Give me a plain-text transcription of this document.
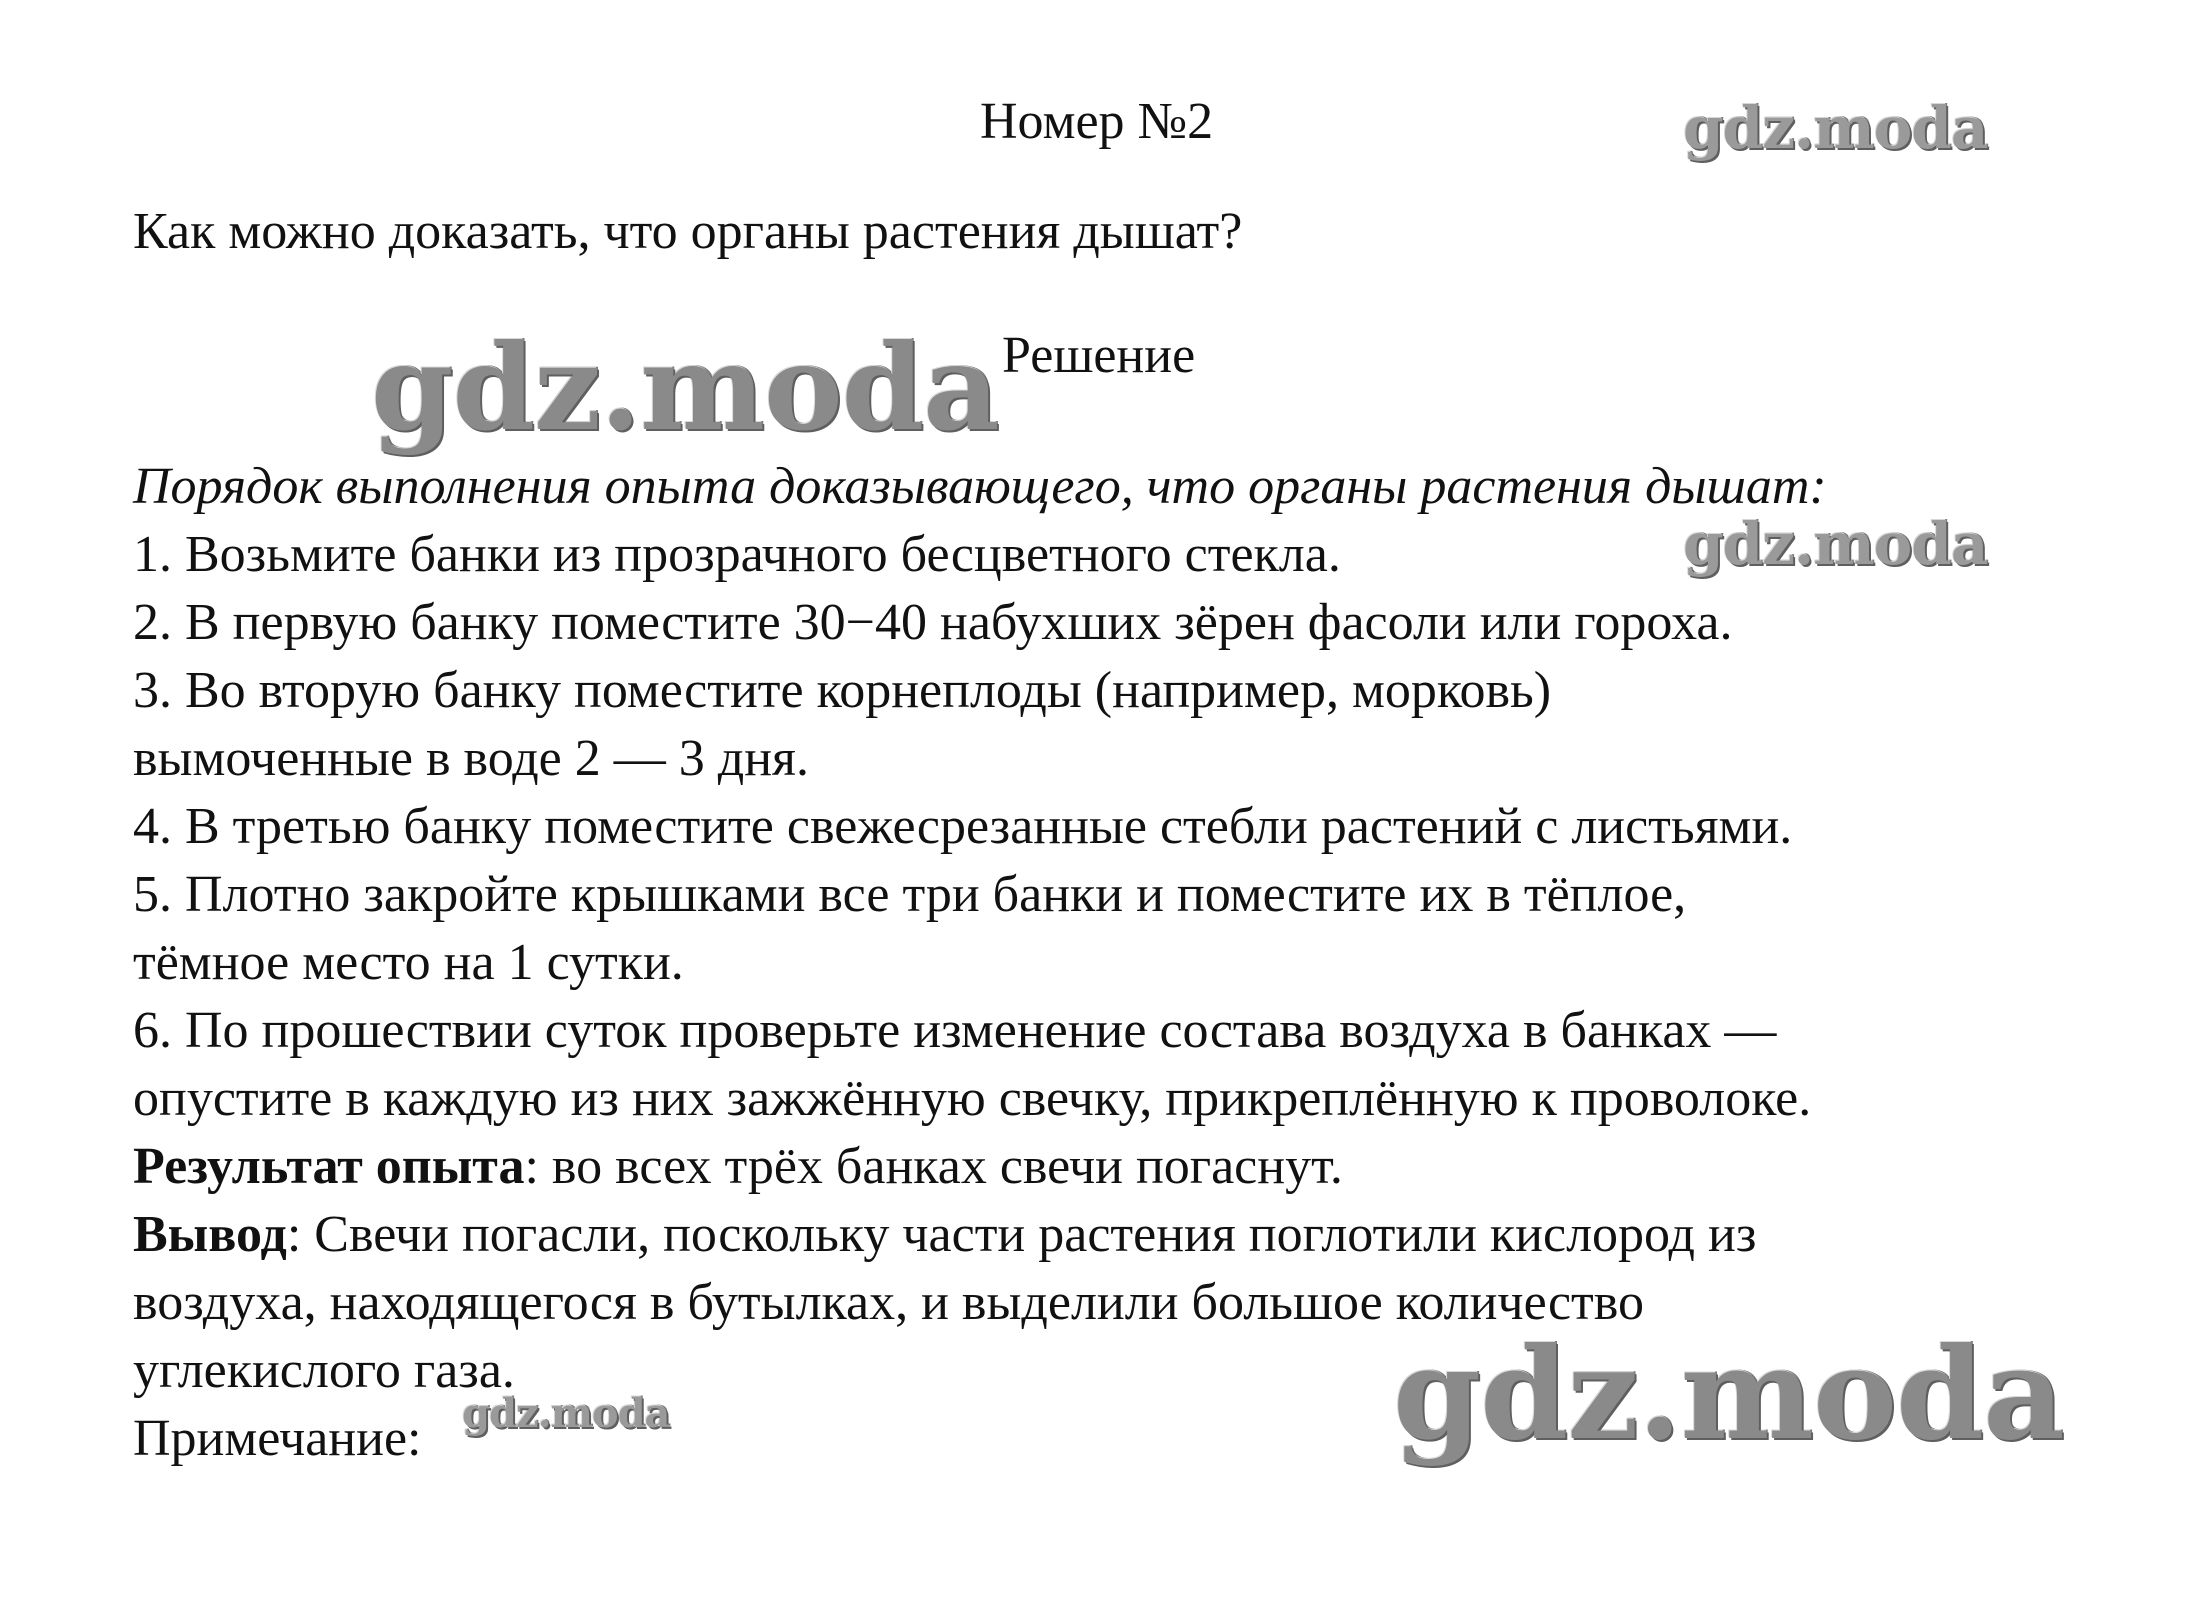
Номер №2
Как можно доказать, что органы растения дышат?
Решение
Порядок выполнения опыта доказывающего, что органы растения дышат:
1. Возьмите банки из прозрачного бесцветного стекла.
2. В первую банку поместите 30−40 набухших зёрен фасоли или гороха.
3. Во вторую банку поместите корнеплоды (например, морковь)
вымоченные в воде 2 — 3 дня.
4. В третью банку поместите свежесрезанные стебли растений с листьями.
5. Плотно закройте крышками все три банки и поместите их в тёплое,
тёмное место на 1 сутки.
6. По прошествии суток проверьте изменение состава воздуха в банках —
опустите в каждую из них зажжённую свечку, прикреплённую к проволоке.
Результат опыта: во всех трёх банках свечи погаснут.
Вывод: Свечи погасли, поскольку части растения поглотили кислород из
воздуха, находящегося в бутылках, и выделили большое количество
углекислого газа.
Примечание:
gdz.moda
gdz.moda
gdz.moda
gdz.moda
gdz.moda
